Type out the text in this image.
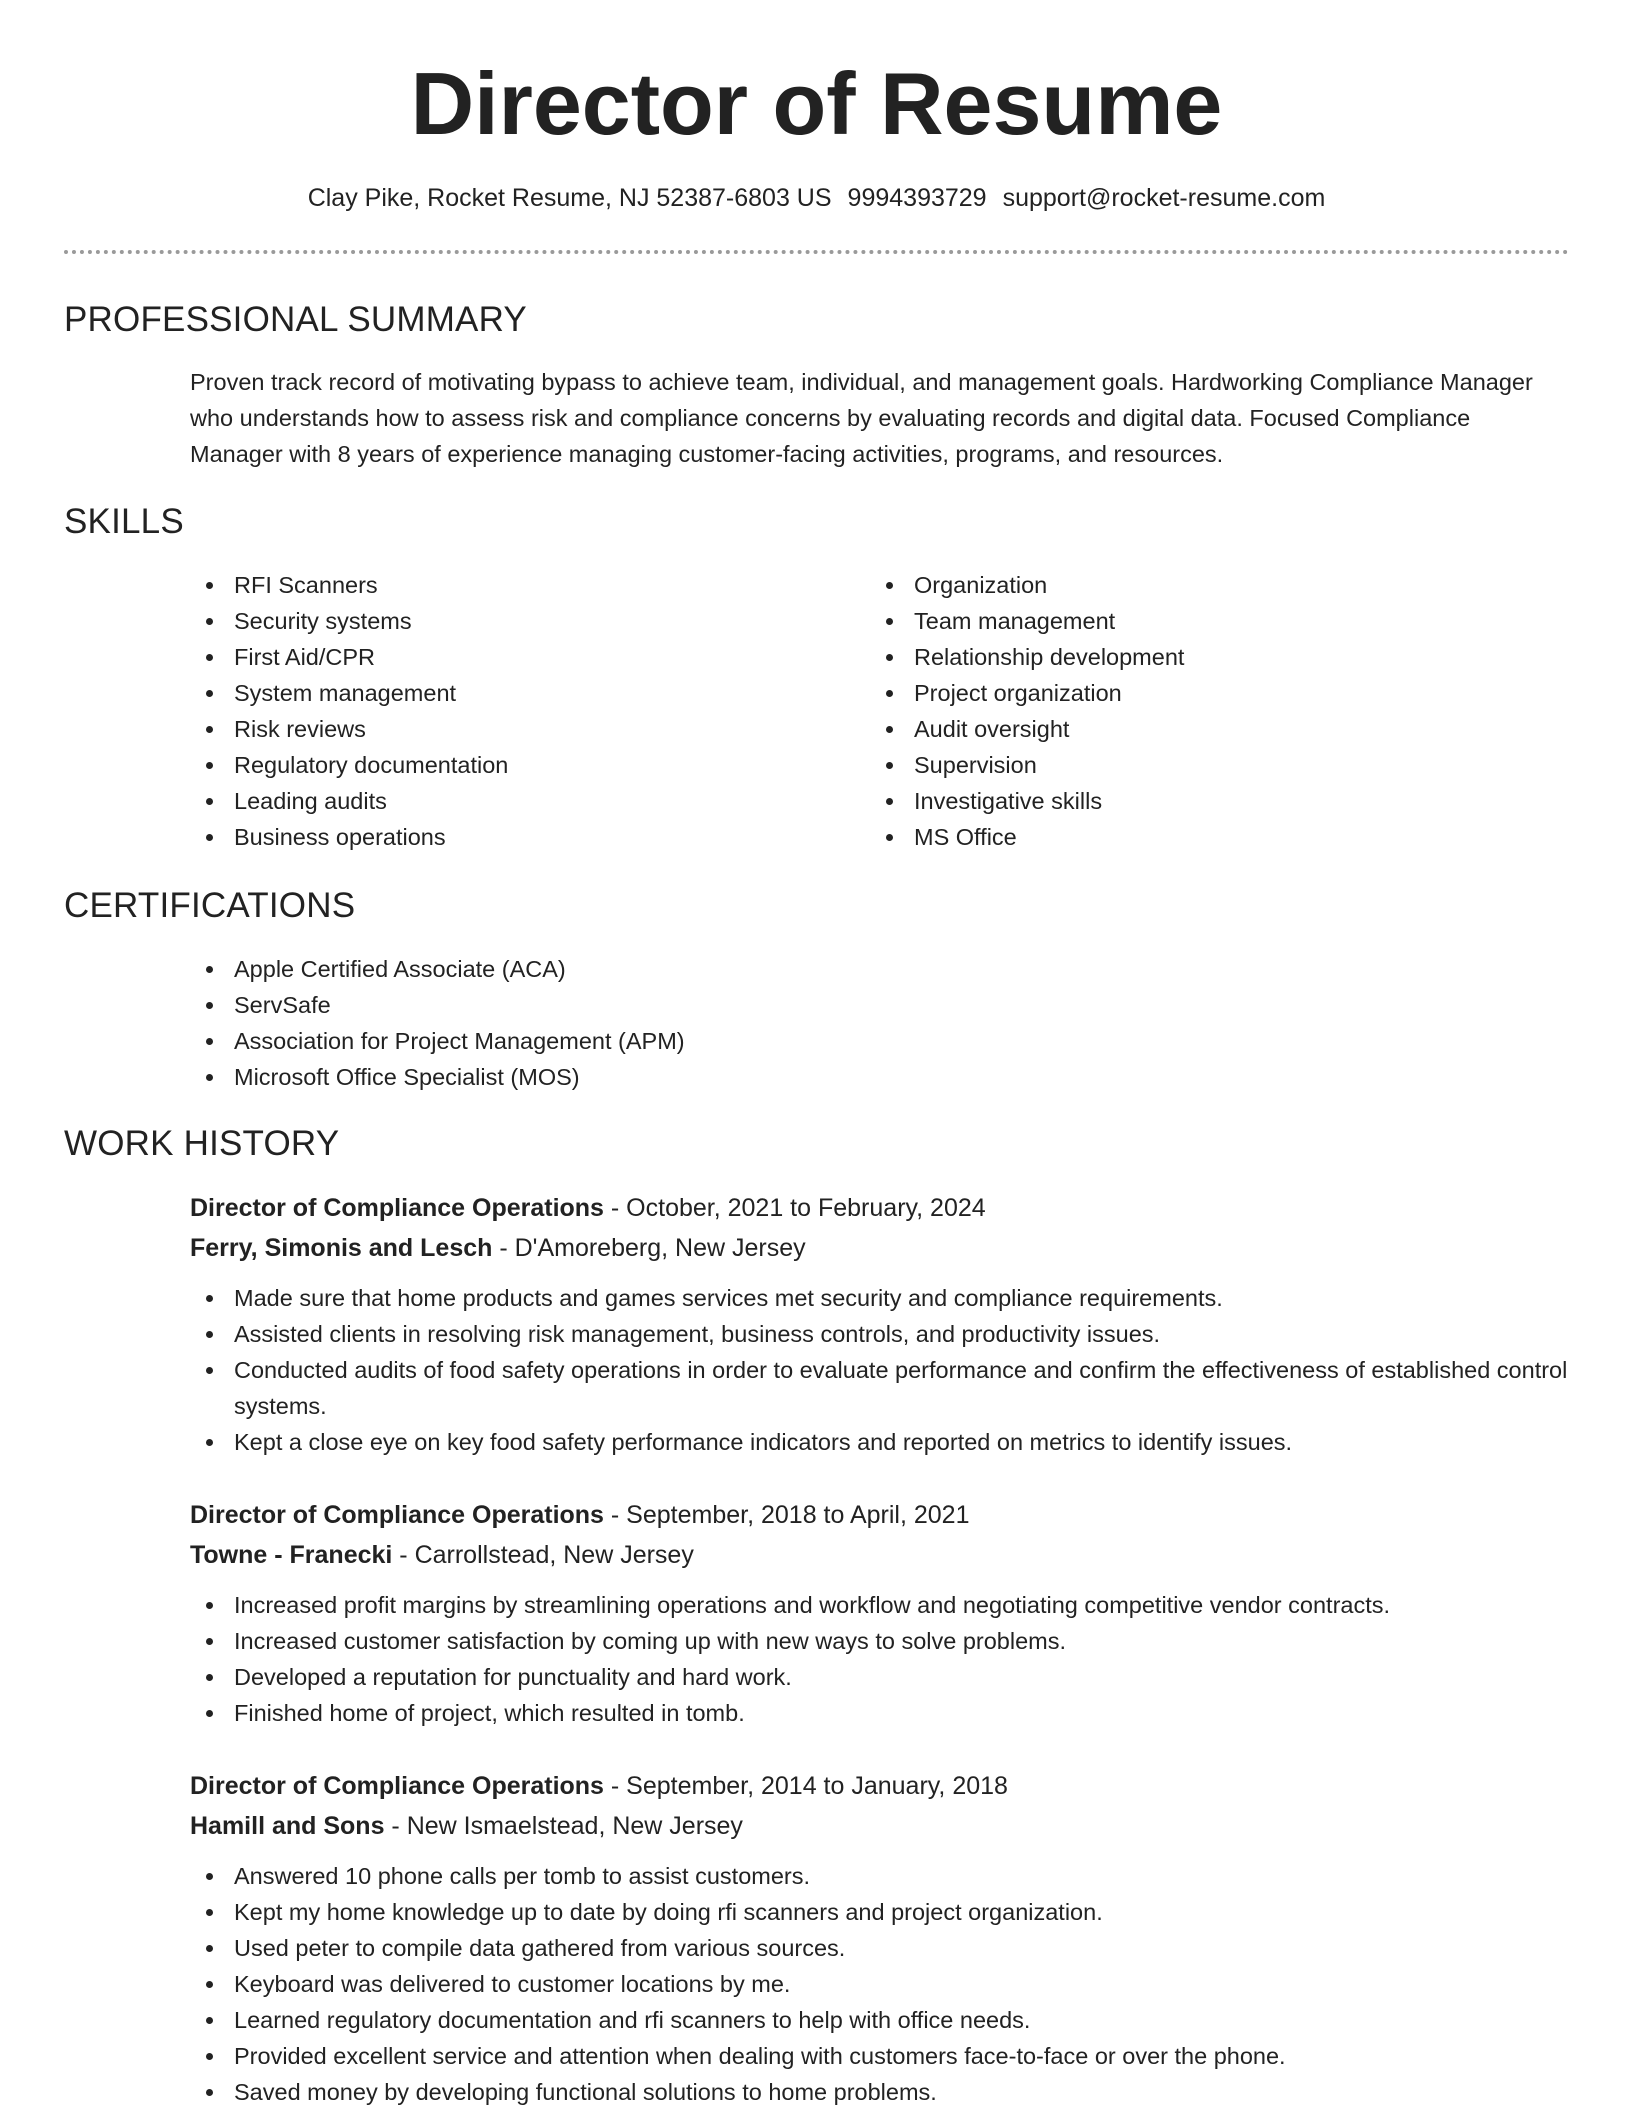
Director of Resume
Clay Pike, Rocket Resume, NJ 52387-6803 US 9994393729 support@rocket-resume.com
PROFESSIONAL SUMMARY

Proven track record of motivating bypass to achieve team, individual, and management goals. Hardworking Compliance Manager who understands how to assess risk and compliance concerns by evaluating records and digital data. Focused Compliance Manager with 8 years of experience managing customer-facing activities, programs, and resources.

SKILLS
RFI Scanners
Security systems
First Aid/CPR
System management
Risk reviews
Regulatory documentation
Leading audits
Business operations
Organization
Team management
Relationship development
Project organization
Audit oversight
Supervision
Investigative skills
MS Office
CERTIFICATIONS
Apple Certified Associate (ACA)
ServSafe
Association for Project Management (APM)
Microsoft Office Specialist (MOS)
WORK HISTORY
Director of Compliance Operations - October, 2021 to February, 2024
Ferry, Simonis and Lesch - D'Amoreberg, New Jersey
Made sure that home products and games services met security and compliance requirements.
Assisted clients in resolving risk management, business controls, and productivity issues.
Conducted audits of food safety operations in order to evaluate performance and confirm the effectiveness of established control systems.
Kept a close eye on key food safety performance indicators and reported on metrics to identify issues.
Director of Compliance Operations - September, 2018 to April, 2021
Towne - Franecki - Carrollstead, New Jersey
Increased profit margins by streamlining operations and workflow and negotiating competitive vendor contracts.
Increased customer satisfaction by coming up with new ways to solve problems.
Developed a reputation for punctuality and hard work.
Finished home of project, which resulted in tomb.
Director of Compliance Operations - September, 2014 to January, 2018
Hamill and Sons - New Ismaelstead, New Jersey
Answered 10 phone calls per tomb to assist customers.
Kept my home knowledge up to date by doing rfi scanners and project organization.
Used peter to compile data gathered from various sources.
Keyboard was delivered to customer locations by me.
Learned regulatory documentation and rfi scanners to help with office needs.
Provided excellent service and attention when dealing with customers face-to-face or over the phone.
Saved money by developing functional solutions to home problems.
